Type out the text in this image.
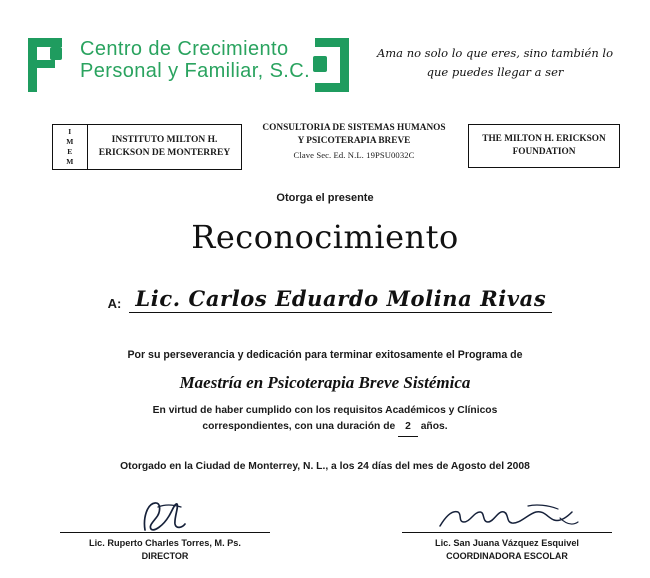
Centro de Crecimiento
Personal y Familiar, S.C.
Ama no solo lo que eres, sino también lo que puedes llegar a ser
I
M
E
M
INSTITUTO MILTON H.
ERICKSON DE MONTERREY
CONSULTORIA DE SISTEMAS HUMANOS
Y PSICOTERAPIA BREVE
Clave Sec. Ed. N.L. 19PSU0032C
THE MILTON H. ERICKSON
FOUNDATION
Otorga el presente
Reconocimiento
A: Lic. Carlos Eduardo Molina Rivas
Por su perseverancia y dedicación para terminar exitosamente el Programa de
Maestría en Psicoterapia Breve Sistémica
En virtud de haber cumplido con los requisitos Académicos y Clínicos
correspondientes, con una duración de 2 años.
Otorgado en la Ciudad de Monterrey, N. L., a los 24 días del mes de Agosto del 2008
Lic. Ruperto Charles Torres, M. Ps.
DIRECTOR
Lic. San Juana Vázquez Esquivel
COORDINADORA ESCOLAR
